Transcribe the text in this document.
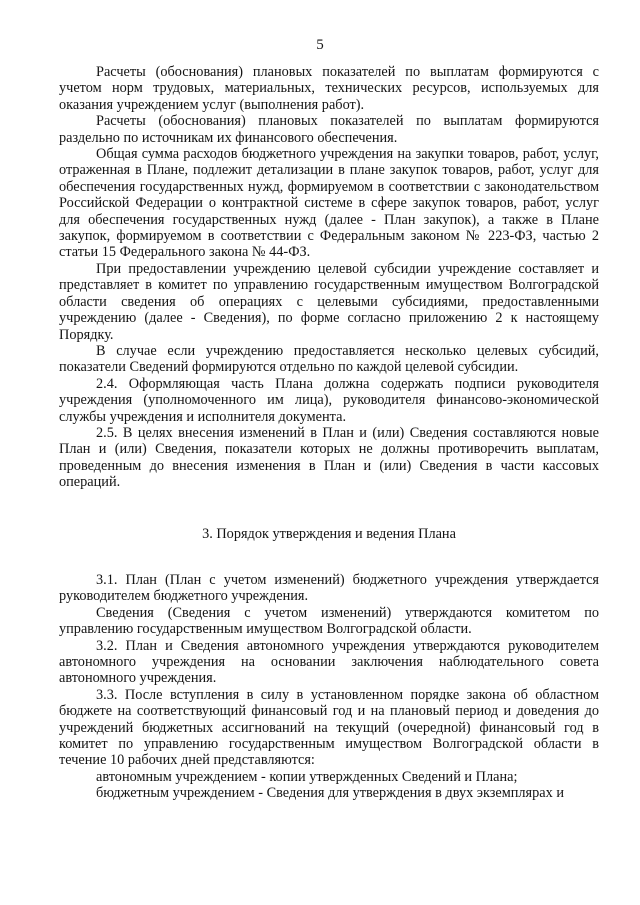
5

Расчеты (обоснования) плановых показателей по выплатам формируются с учетом норм трудовых, материальных, технических ресурсов, используемых для оказания учреждением услуг (выполнения работ).

Расчеты (обоснования) плановых показателей по выплатам формируются раздельно по источникам их финансового обеспечения.

Общая сумма расходов бюджетного учреждения на закупки товаров, работ, услуг, отраженная в Плане, подлежит детализации в плане закупок товаров, работ, услуг для обеспечения государственных нужд, формируемом в соответствии с законодательством Российской Федерации о контрактной системе в сфере закупок товаров, работ, услуг для обеспечения государственных нужд (далее - План закупок), а также в Плане закупок, формируемом в соответствии с Федеральным законом № 223-ФЗ, частью 2 статьи 15 Федерального закона № 44-ФЗ.

При предоставлении учреждению целевой субсидии учреждение составляет и представляет в комитет по управлению государственным имуществом Волгоградской области сведения об операциях с целевыми субсидиями, предоставленными учреждению (далее - Сведения), по форме согласно приложению 2 к настоящему Порядку.

В случае если учреждению предоставляется несколько целевых субсидий, показатели Сведений формируются отдельно по каждой целевой субсидии.

2.4. Оформляющая часть Плана должна содержать подписи руководителя учреждения (уполномоченного им лица), руководителя финансово-экономической службы учреждения и исполнителя документа.

2.5. В целях внесения изменений в План и (или) Сведения составляются новые План и (или) Сведения, показатели которых не должны противоречить выплатам, проведенным до внесения изменения в План и (или) Сведения в части кассовых операций.

3. Порядок утверждения и ведения Плана

3.1. План (План с учетом изменений) бюджетного учреждения утверждается руководителем бюджетного учреждения.

Сведения (Сведения с учетом изменений) утверждаются комитетом по управлению государственным имуществом Волгоградской области.

3.2. План и Сведения автономного учреждения утверждаются руководителем автономного учреждения на основании заключения наблюдательного совета автономного учреждения.

3.3. После вступления в силу в установленном порядке закона об областном бюджете на соответствующий финансовый год и на плановый период и доведения до учреждений бюджетных ассигнований на текущий (очередной) финансовый год в комитет по управлению государственным имуществом Волгоградской области в течение 10 рабочих дней представляются:

автономным учреждением - копии утвержденных Сведений и Плана;

бюджетным учреждением - Сведения для утверждения в двух экземплярах и
